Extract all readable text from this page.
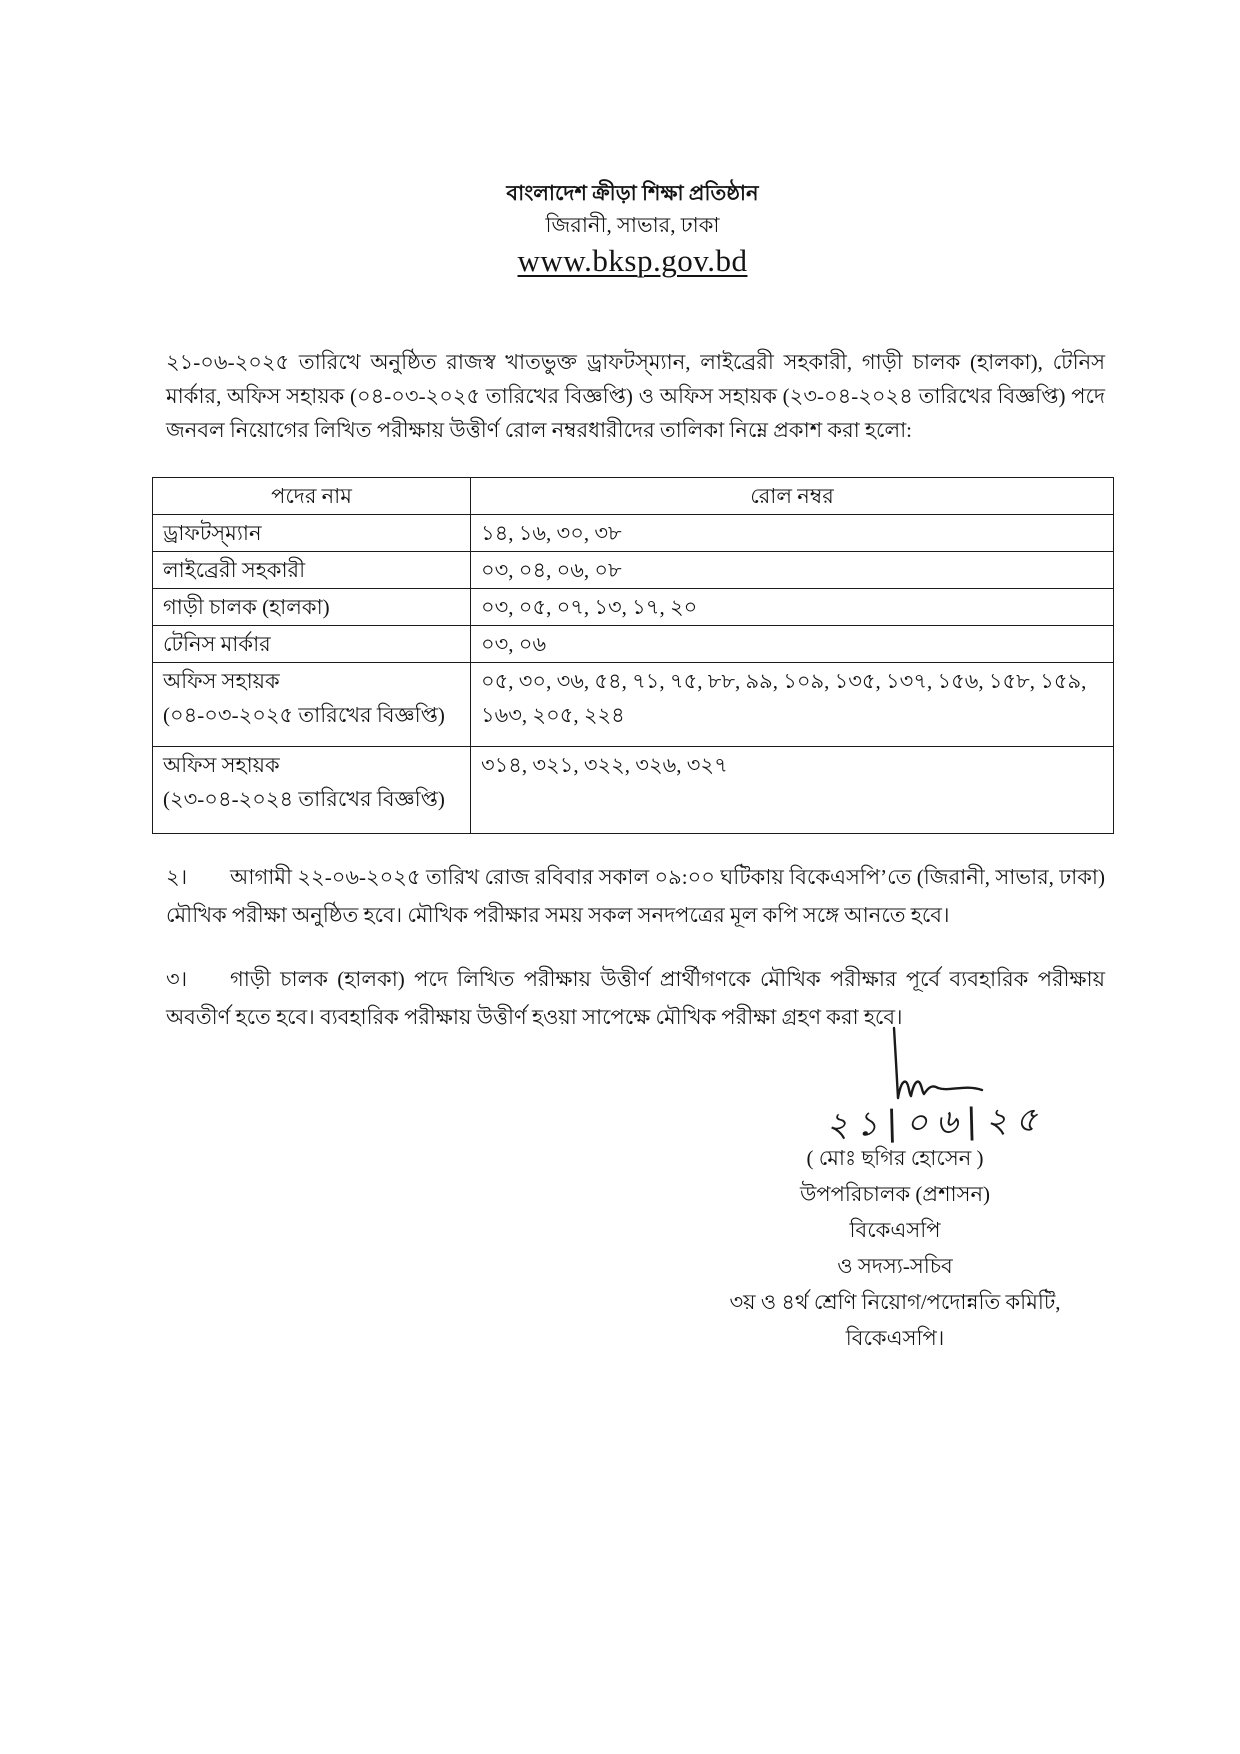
বাংলাদেশ ক্রীড়া শিক্ষা প্রতিষ্ঠান
জিরানী, সাভার, ঢাকা
www.bksp.gov.bd
২১-০৬-২০২৫ তারিখে অনুষ্ঠিত রাজস্ব খাতভুক্ত ড্রাফটস্‌ম্যান, লাইব্রেরী সহকারী, গাড়ী চালক (হালকা), টেনিস মার্কার, অফিস সহায়ক (০৪-০৩-২০২৫ তারিখের বিজ্ঞপ্তি) ও অফিস সহায়ক (২৩-০৪-২০২৪ তারিখের বিজ্ঞপ্তি) পদে জনবল নিয়োগের লিখিত পরীক্ষায় উত্তীর্ণ রোল নম্বরধারীদের তালিকা নিম্নে প্রকাশ করা হলো:
পদের নাম	রোল নম্বর
ড্রাফটস্‌ম্যান	১৪, ১৬, ৩০, ৩৮
লাইব্রেরী সহকারী	০৩, ০৪, ০৬, ০৮
গাড়ী চালক (হালকা)	০৩, ০৫, ০৭, ১৩, ১৭, ২০
টেনিস মার্কার	০৩, ০৬

অফিস সহায়ক
(০৪-০৩-২০২৫ তারিখের বিজ্ঞপ্তি)	০৫, ৩০, ৩৬, ৫৪, ৭১, ৭৫, ৮৮, ৯৯, ১০৯, ১৩৫, ১৩৭, ১৫৬, ১৫৮, ১৫৯, ১৬৩, ২০৫, ২২৪

অফিস সহায়ক
(২৩-০৪-২০২৪ তারিখের বিজ্ঞপ্তি)	৩১৪, ৩২১, ৩২২, ৩২৬, ৩২৭
২। আগামী ২২-০৬-২০২৫ তারিখ রোজ রবিবার সকাল ০৯:০০ ঘটিকায় বিকেএসপি’তে (জিরানী, সাভার, ঢাকা) মৌখিক পরীক্ষা অনুষ্ঠিত হবে। মৌখিক পরীক্ষার সময় সকল সনদপত্রের মূল কপি সঙ্গে আনতে হবে।
৩। গাড়ী চালক (হালকা) পদে লিখিত পরীক্ষায় উত্তীর্ণ প্রার্থীগণকে মৌখিক পরীক্ষার পূর্বে ব্যবহারিক পরীক্ষায় অবতীর্ণ হতে হবে। ব্যবহারিক পরীক্ষায় উত্তীর্ণ হওয়া সাপেক্ষে মৌখিক পরীক্ষা গ্রহণ করা হবে।
২১|০৬|২৫
( মোঃ ছগির হোসেন )
উপপরিচালক (প্রশাসন)
বিকেএসপি
ও সদস্য-সচিব
৩য় ও ৪র্থ শ্রেণি নিয়োগ/পদোন্নতি কমিটি,
বিকেএসপি।
